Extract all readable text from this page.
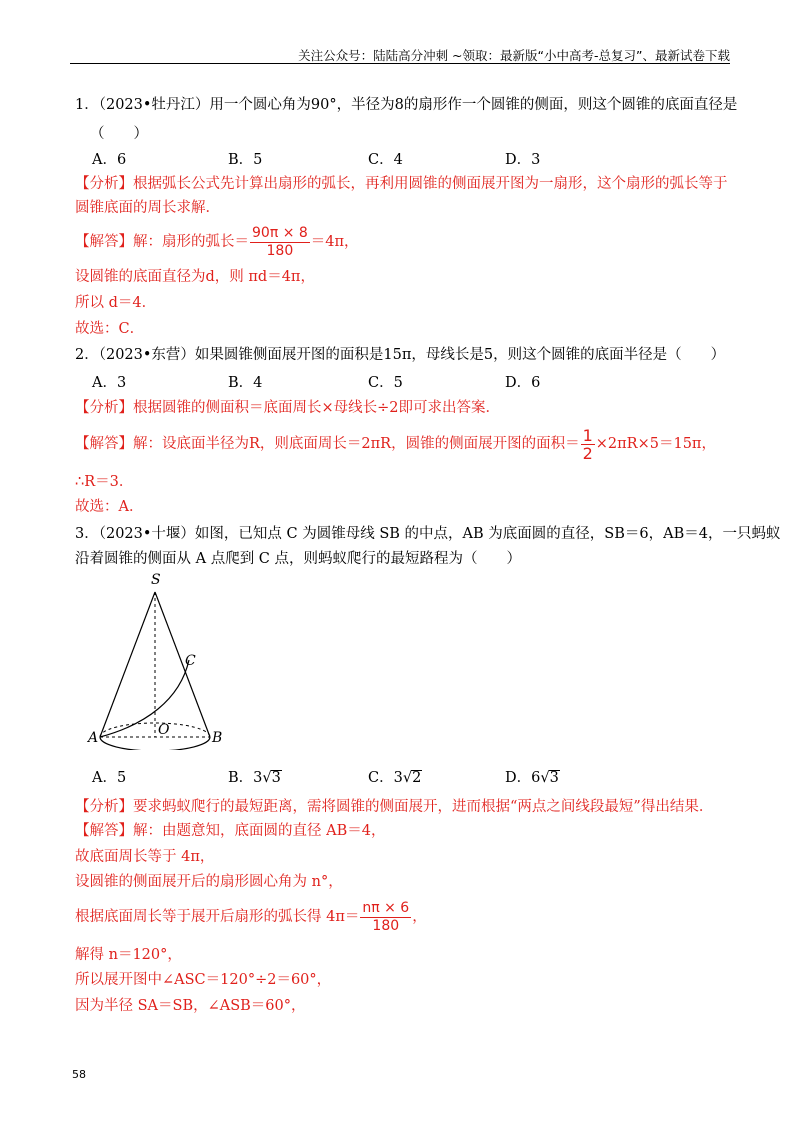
关注公众号：陆陆高分冲刺 ~领取：最新版“小中高考-总复习”、最新试卷下载
1．（2023•牡丹江）用一个圆心角为90°，半径为8的扇形作一个圆锥的侧面，则这个圆锥的底面直径是
（　　）
A．6	B．5	C．4	D．3
【分析】根据弧长公式先计算出扇形的弧长，再利用圆锥的侧面展开图为一扇形，这个扇形的弧长等于
圆锥底面的周长求解．
【解答】解：扇形的弧长＝ $\frac{90\pi \times 8}{180} =4\pi$，
设圆锥的底面直径为d，则 πd＝4π，
所以 d＝4．
故选：C．
2．（2023•东营）如果圆锥侧面展开图的面积是15π，母线长是5，则这个圆锥的底面半径是（　　）
A．3	B．4	C．5	D．6
【分析】根据圆锥的侧面积＝底面周长×母线长÷2即可求出答案．
【解答】解：设底面半径为R，则底面周长＝2πR，圆锥的侧面展开图的面积＝ $\frac{1}{2} \times 2\pi R\times 5=15\pi$，
∴R＝3．
故选：A．
3．（2023•十堰）如图，已知点 C 为圆锥母线 SB 的中点，AB 为底面圆的直径，SB＝6，AB＝4，一只蚂蚁
沿着圆锥的侧面从 A 点爬到 C 点，则蚂蚁爬行的最短路程为（　　）
S
C
O
A	B
A．5	B．3√3	C．3√2	D．6√3
【分析】要求蚂蚁爬行的最短距离，需将圆锥的侧面展开，进而根据“两点之间线段最短”得出结果．
【解答】解：由题意知，底面圆的直径 AB＝4，
故底面周长等于 4π，
设圆锥的侧面展开后的扇形圆心角为 n°，
根据底面周长等于展开后扇形的弧长得 $4\pi= \frac{n\pi \times 6}{180}$ ，
解得 n＝120°，
所以展开图中∠ASC＝120°÷2＝60°，
因为半径 SA＝SB，∠ASB＝60°，
58
